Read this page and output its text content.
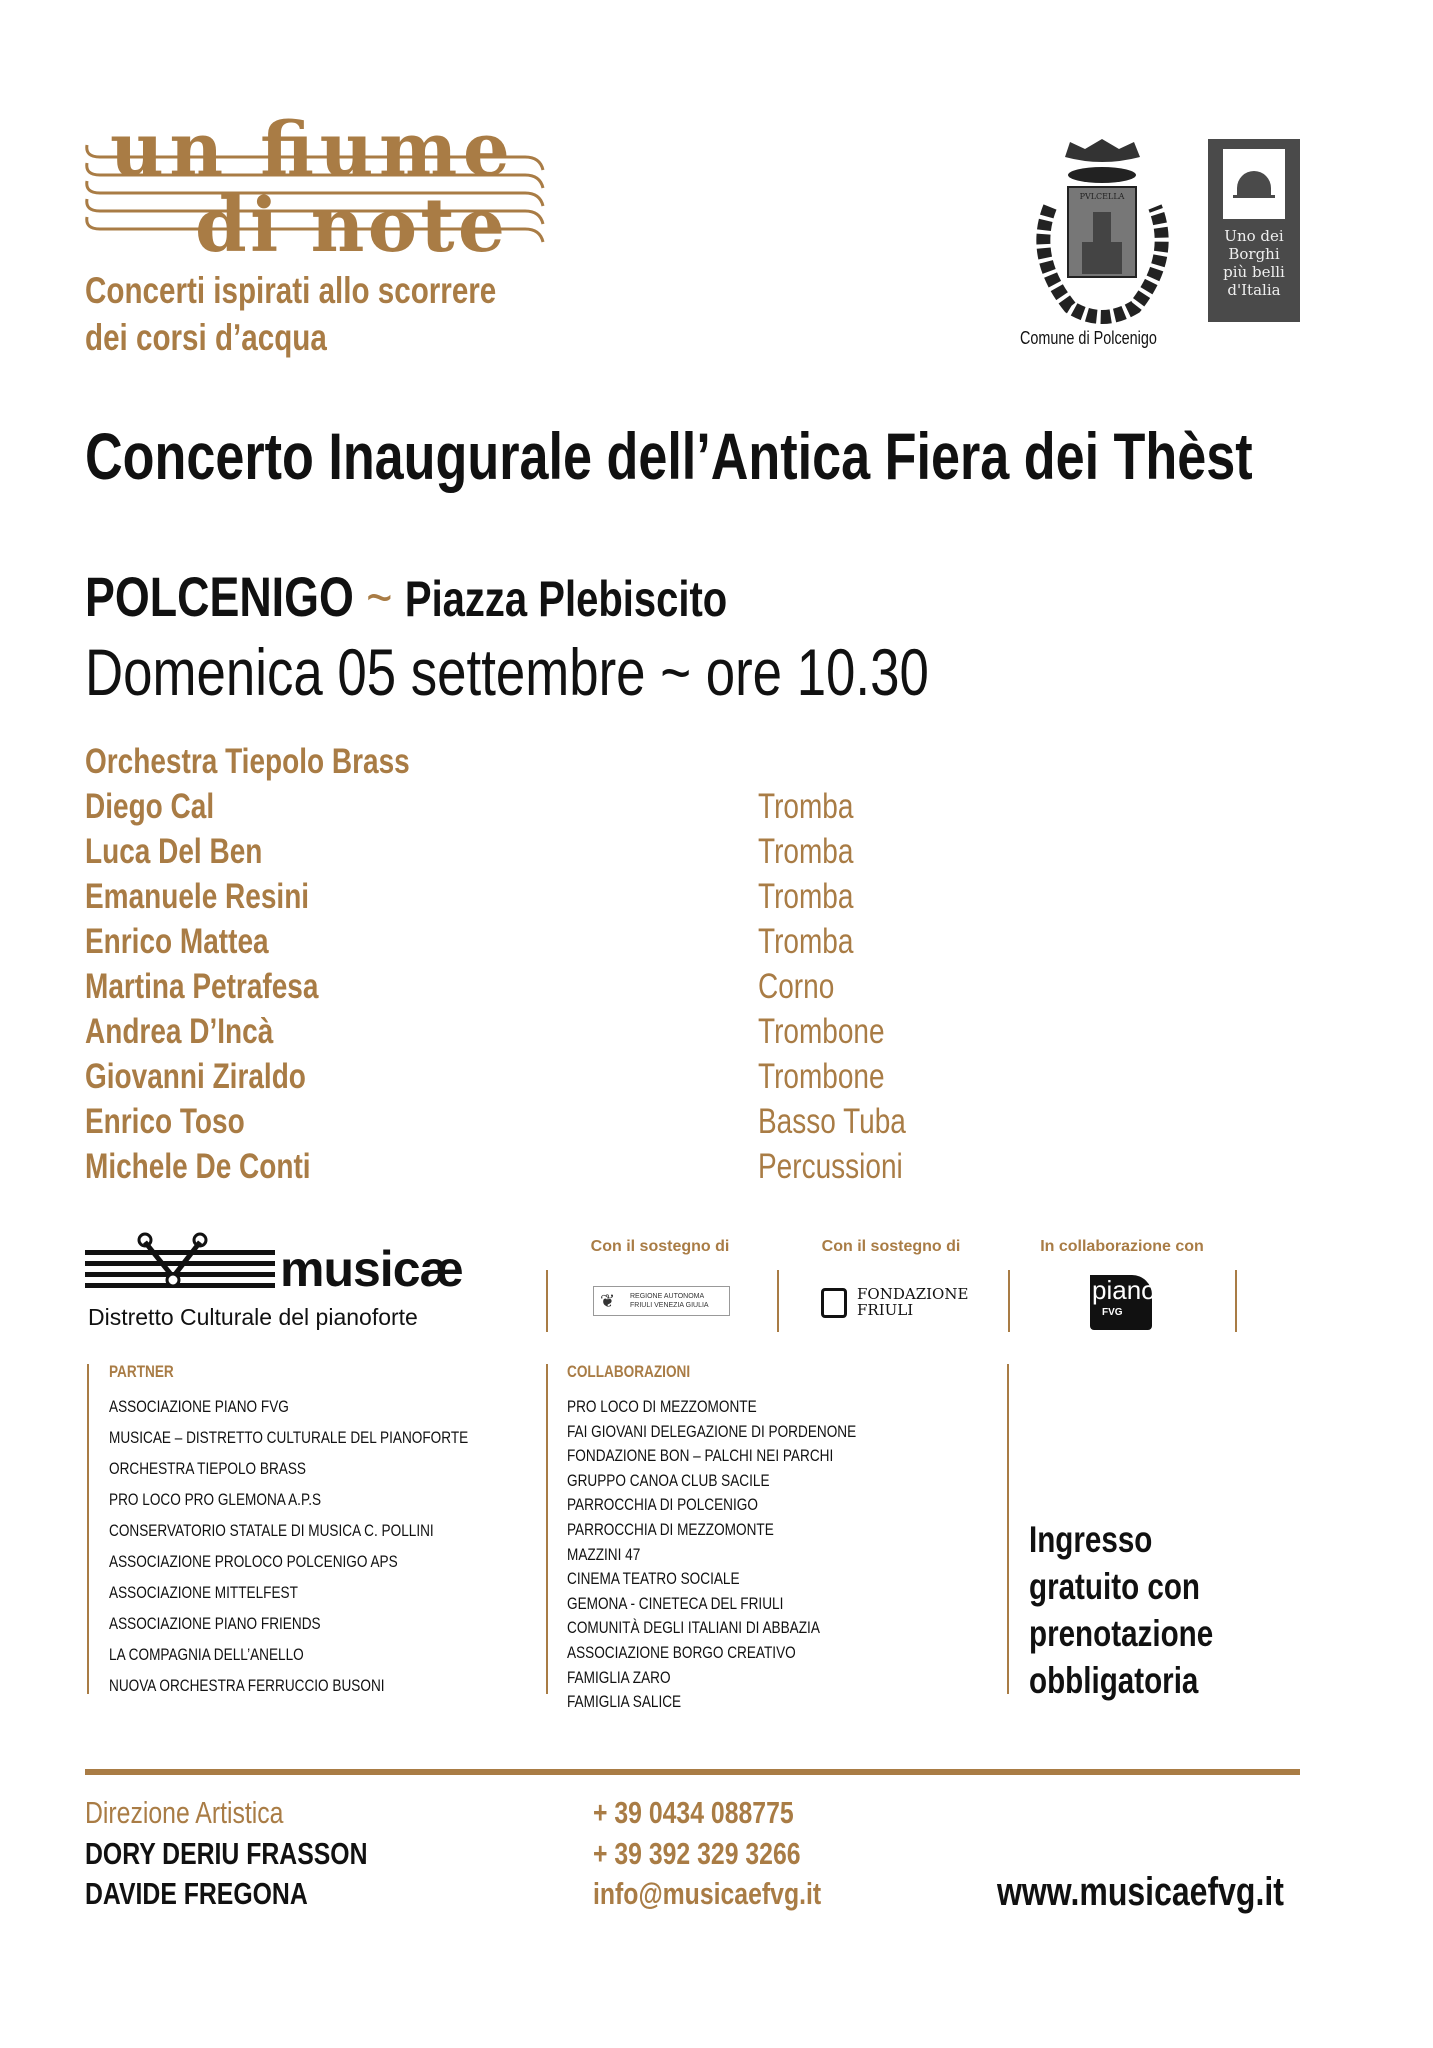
un fiume
di note
Concerti ispirati allo scorrere
dei corsi d’acqua
PVLCELLA
Comune di Polcenigo
Uno dei
Borghi
più belli
d'Italia
Concerto Inaugurale dell’Antica Fiera dei Thèst
POLCENIGO ~ Piazza Plebiscito
Domenica 05 settembre ~ ore 10.30
Orchestra Tiepolo Brass
Diego Cal	Tromba
Luca Del Ben	Tromba
Emanuele Resini	Tromba
Enrico Mattea	Tromba
Martina Petrafesa	Corno
Andrea D’Incà	Trombone
Giovanni Ziraldo	Trombone
Enrico Toso	Basso Tuba
Michele De Conti	Percussioni
musicæ
Distretto Culturale del pianoforte
Con il sostegno di	Con il sostegno di	In collaborazione con
❦ REGIONE AUTONOMA
FRIULI VENEZIA GIULIA
FONDAZIONE
FRIULI
piano
FVG
PARTNER	COLLABORAZIONI
ASSOCIAZIONE PIANO FVG
MUSICAE – DISTRETTO CULTURALE DEL PIANOFORTE
ORCHESTRA TIEPOLO BRASS
PRO LOCO PRO GLEMONA A.P.S
CONSERVATORIO STATALE DI MUSICA C. POLLINI
ASSOCIAZIONE PROLOCO POLCENIGO APS
ASSOCIAZIONE MITTELFEST
ASSOCIAZIONE PIANO FRIENDS
LA COMPAGNIA DELL’ANELLO
NUOVA ORCHESTRA FERRUCCIO BUSONI
PRO LOCO DI MEZZOMONTE
FAI GIOVANI DELEGAZIONE DI PORDENONE
FONDAZIONE BON – PALCHI NEI PARCHI
GRUPPO CANOA CLUB SACILE
PARROCCHIA DI POLCENIGO
PARROCCHIA DI MEZZOMONTE
MAZZINI 47
CINEMA TEATRO SOCIALE
GEMONA - CINETECA DEL FRIULI
COMUNITÀ DEGLI ITALIANI DI ABBAZIA
ASSOCIAZIONE BORGO CREATIVO
FAMIGLIA ZARO
FAMIGLIA SALICE
Ingresso
gratuito con
prenotazione
obbligatoria
Direzione Artistica
DORY DERIU FRASSON
DAVIDE FREGONA
+ 39 0434 088775
+ 39 392 329 3266
info@musicaefvg.it	www.musicaefvg.it
